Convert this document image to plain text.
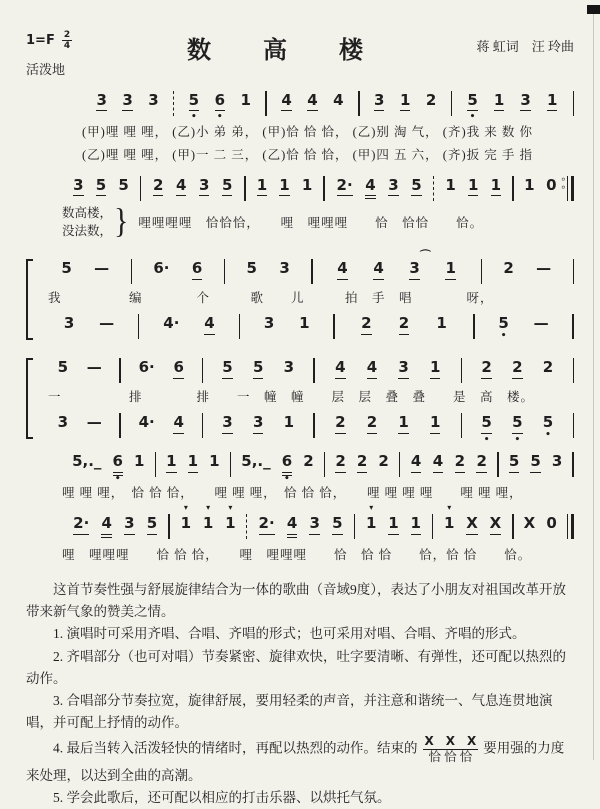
$1=F \frac{2}{4}$
活泼地
数　高　楼	蒋 虹词　汪 玲曲
3 3 3 5
•
6
•
1 4 4 4 3 1 2 5
•
1 3 1
(甲)哩 哩 哩， (乙)小 弟 弟， (甲)恰 恰 恰， (乙)别 淘 气， (齐)我 来 数 你
(乙)哩 哩 哩， (甲)一 二 三， (乙)恰 恰 恰， (甲)四 五 六， (齐)扳 完 手 指
3 5 5 2 4 3 5 1 1 1 2· 4 3 5 1 1 1 1 0
⸰⸰
数高楼，
没法数， } 哩哩哩哩　恰恰恰，　　哩　哩哩哩　　恰　恰恰　　恰。
5 —	6· 6	5 3	4 4 3
⌒
1	2 —
我　　　　　编　　　　个　　　歌　　儿　　　拍　手　唱　　　　呀，
3 —	4· 4	3 1	2 2 1	5
•
—
5 — 6· 6	5 5 3	4 4 3 1	2 2 2
一　　　　　排　　　　排　　一　幢　幢　　层　层　叠　叠　　是　高　楼。
3 — 4· 4	3 3 1	2 2 1 1	5
•
5
•
5
•
5,._ 6
•
1 1 1 1 5,._ 6
•
2 2 2 2 4 4 2 2 5 5 3
哩 哩 哩，　恰 恰 恰，　　哩 哩 哩，　恰 恰 恰，　　哩 哩 哩 哩　　哩 哩 哩，
2· 4 3 5 1
▾
1
▾
1
▾
2· 4 3 5 1
▾
1 1 1
▾
X X X 0
哩　哩哩哩　　恰 恰 恰，　　哩　哩哩哩　　恰　恰 恰　　恰，恰 恰　　恰。

这首节奏性强与舒展旋律结合为一体的歌曲（音域9度），表达了小朋友对祖国改革开放带来新气象的赞美之情。

1. 演唱时可采用齐唱、合唱、齐唱的形式；也可采用对唱、合唱、齐唱的形式。

2. 齐唱部分（也可对唱）节奏紧密、旋律欢快，吐字要清晰、有弹性，还可配以热烈的动作。

3. 合唱部分节奏拉宽，旋律舒展，要用轻柔的声音，并注意和谐统一、气息连贯地演唱，并可配上抒情的动作。

4. 最后当转入活泼轻快的情绪时，再配以热烈的动作。结束的 X　X　X
恰 恰 恰
要用强的力度来处理，以达到全曲的高潮。

5. 学会此歌后，还可配以相应的打击乐器、以烘托气氛。
